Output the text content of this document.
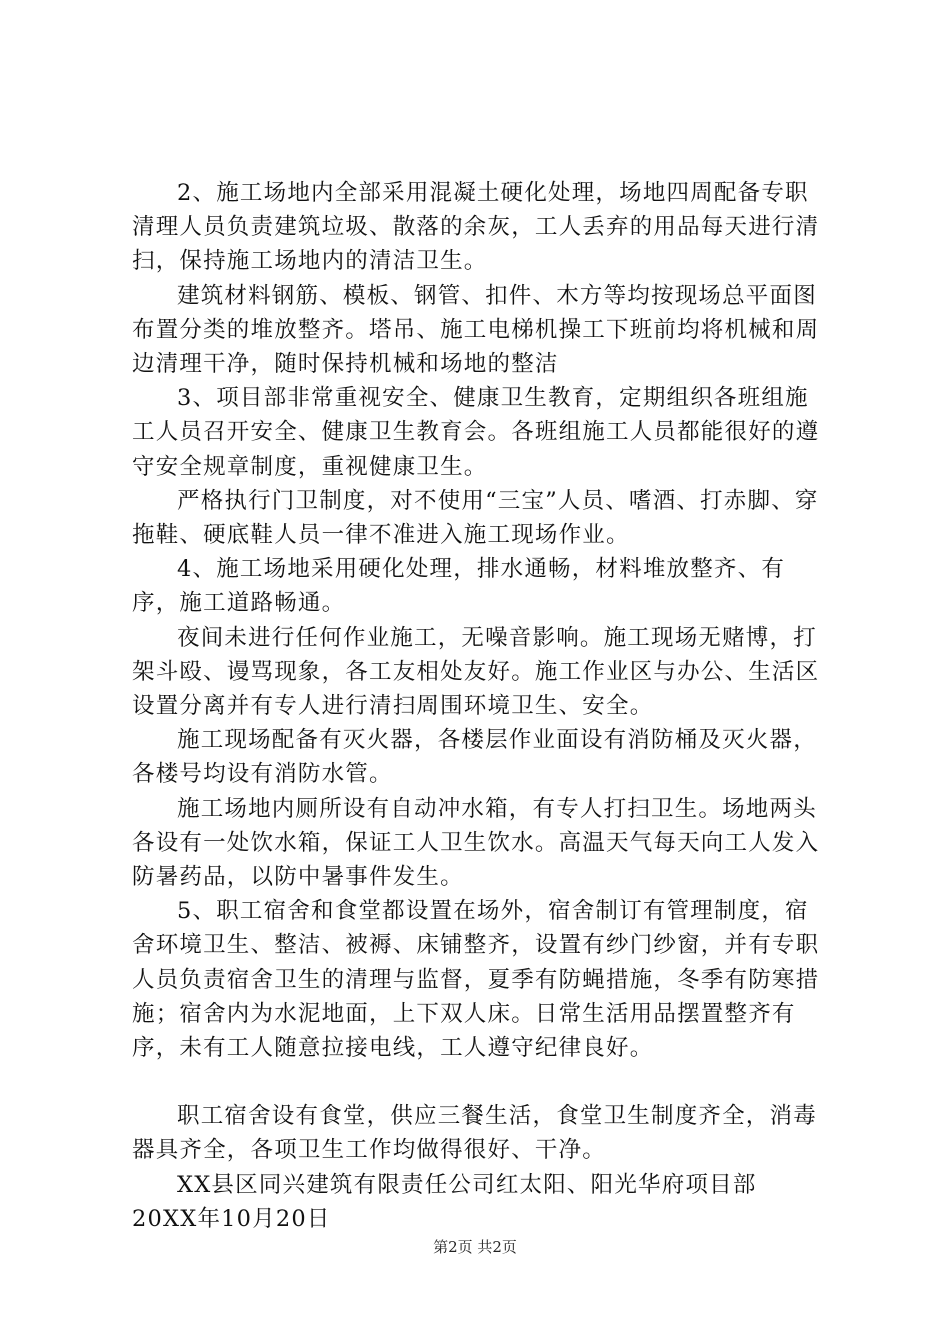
2、施工场地内全部采用混凝土硬化处理，场地四周配备专职清理人员负责建筑垃圾、散落的余灰，工人丢弃的用品每天进行清扫，保持施工场地内的清洁卫生。

建筑材料钢筋、模板、钢管、扣件、木方等均按现场总平面图布置分类的堆放整齐。塔吊、施工电梯机操工下班前均将机械和周边清理干净，随时保持机械和场地的整洁

3、项目部非常重视安全、健康卫生教育，定期组织各班组施工人员召开安全、健康卫生教育会。各班组施工人员都能很好的遵守安全规章制度，重视健康卫生。

严格执行门卫制度，对不使用“三宝”人员、嗜酒、打赤脚、穿拖鞋、硬底鞋人员一律不准进入施工现场作业。

4、施工场地采用硬化处理，排水通畅，材料堆放整齐、有序，施工道路畅通。

夜间未进行任何作业施工，无噪音影响。施工现场无赌博，打架斗殴、谩骂现象，各工友相处友好。施工作业区与办公、生活区设置分离并有专人进行清扫周围环境卫生、安全。

施工现场配备有灭火器，各楼层作业面设有消防桶及灭火器，各楼号均设有消防水管。

施工场地内厕所设有自动冲水箱，有专人打扫卫生。场地两头各设有一处饮水箱，保证工人卫生饮水。高温天气每天向工人发入防暑药品，以防中暑事件发生。

5、职工宿舍和食堂都设置在场外，宿舍制订有管理制度，宿舍环境卫生、整洁、被褥、床铺整齐，设置有纱门纱窗，并有专职人员负责宿舍卫生的清理与监督，夏季有防蝇措施，冬季有防寒措施；宿舍内为水泥地面，上下双人床。日常生活用品摆置整齐有序，未有工人随意拉接电线，工人遵守纪律良好。

职工宿舍设有食堂，供应三餐生活，食堂卫生制度齐全，消毒器具齐全，各项卫生工作均做得很好、干净。

XX县区同兴建筑有限责任公司红太阳、阳光华府项目部

20XX年10月20日

第2页 共2页
